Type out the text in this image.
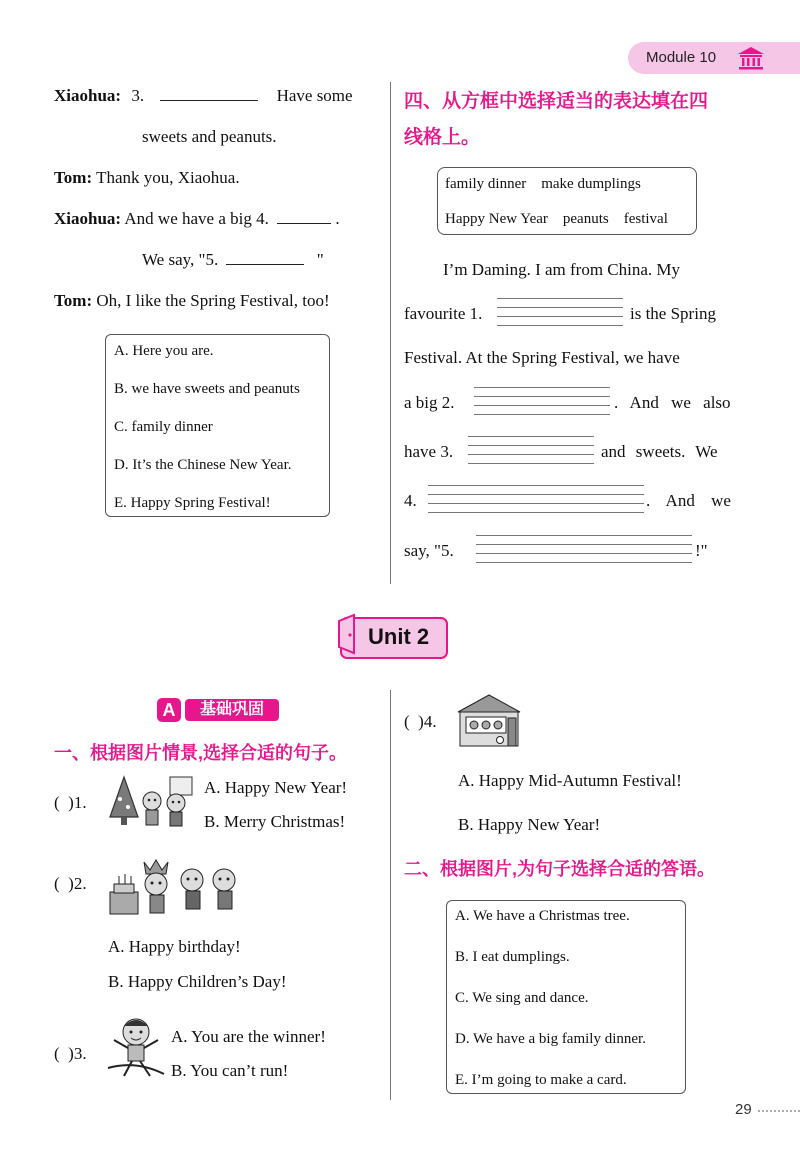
Module 10
Xiaohua: 3.	Have some
sweets and peanuts.
Tom: Thank you, Xiaohua.
Xiaohua: And we have a big 4.	.
We say, "5.	"
Tom: Oh, I like the Spring Festival, too!
A. Here you are.
B. we have sweets and peanuts
C. family dinner
D. It’s the Chinese New Year.
E. Happy Spring Festival!
四、从方框中选择适当的表达填在四
线格上。
family dinner    make dumplings
Happy New Year    peanuts    festival
I’m Daming. I am from China. My
favourite 1.	is the Spring
Festival. At the Spring Festival, we have
a big 2.	. And we also
have 3.	and sweets. We
4.	. And we
say, "5.	!"
Unit 2
A	基础巩固
一、根据图片情景,选择合适的句子。
(  )1.
A. Happy New Year!
B. Merry Christmas!
(  )2.
A. Happy birthday!
B. Happy Children’s Day!
(  )3.
A. You are the winner!
B. You can’t run!
(  )4.
A. Happy Mid-Autumn Festival!
B. Happy New Year!
二、根据图片,为句子选择合适的答语。
A. We have a Christmas tree.
B. I eat dumplings.
C. We sing and dance.
D. We have a big family dinner.
E. I’m going to make a card.
29
